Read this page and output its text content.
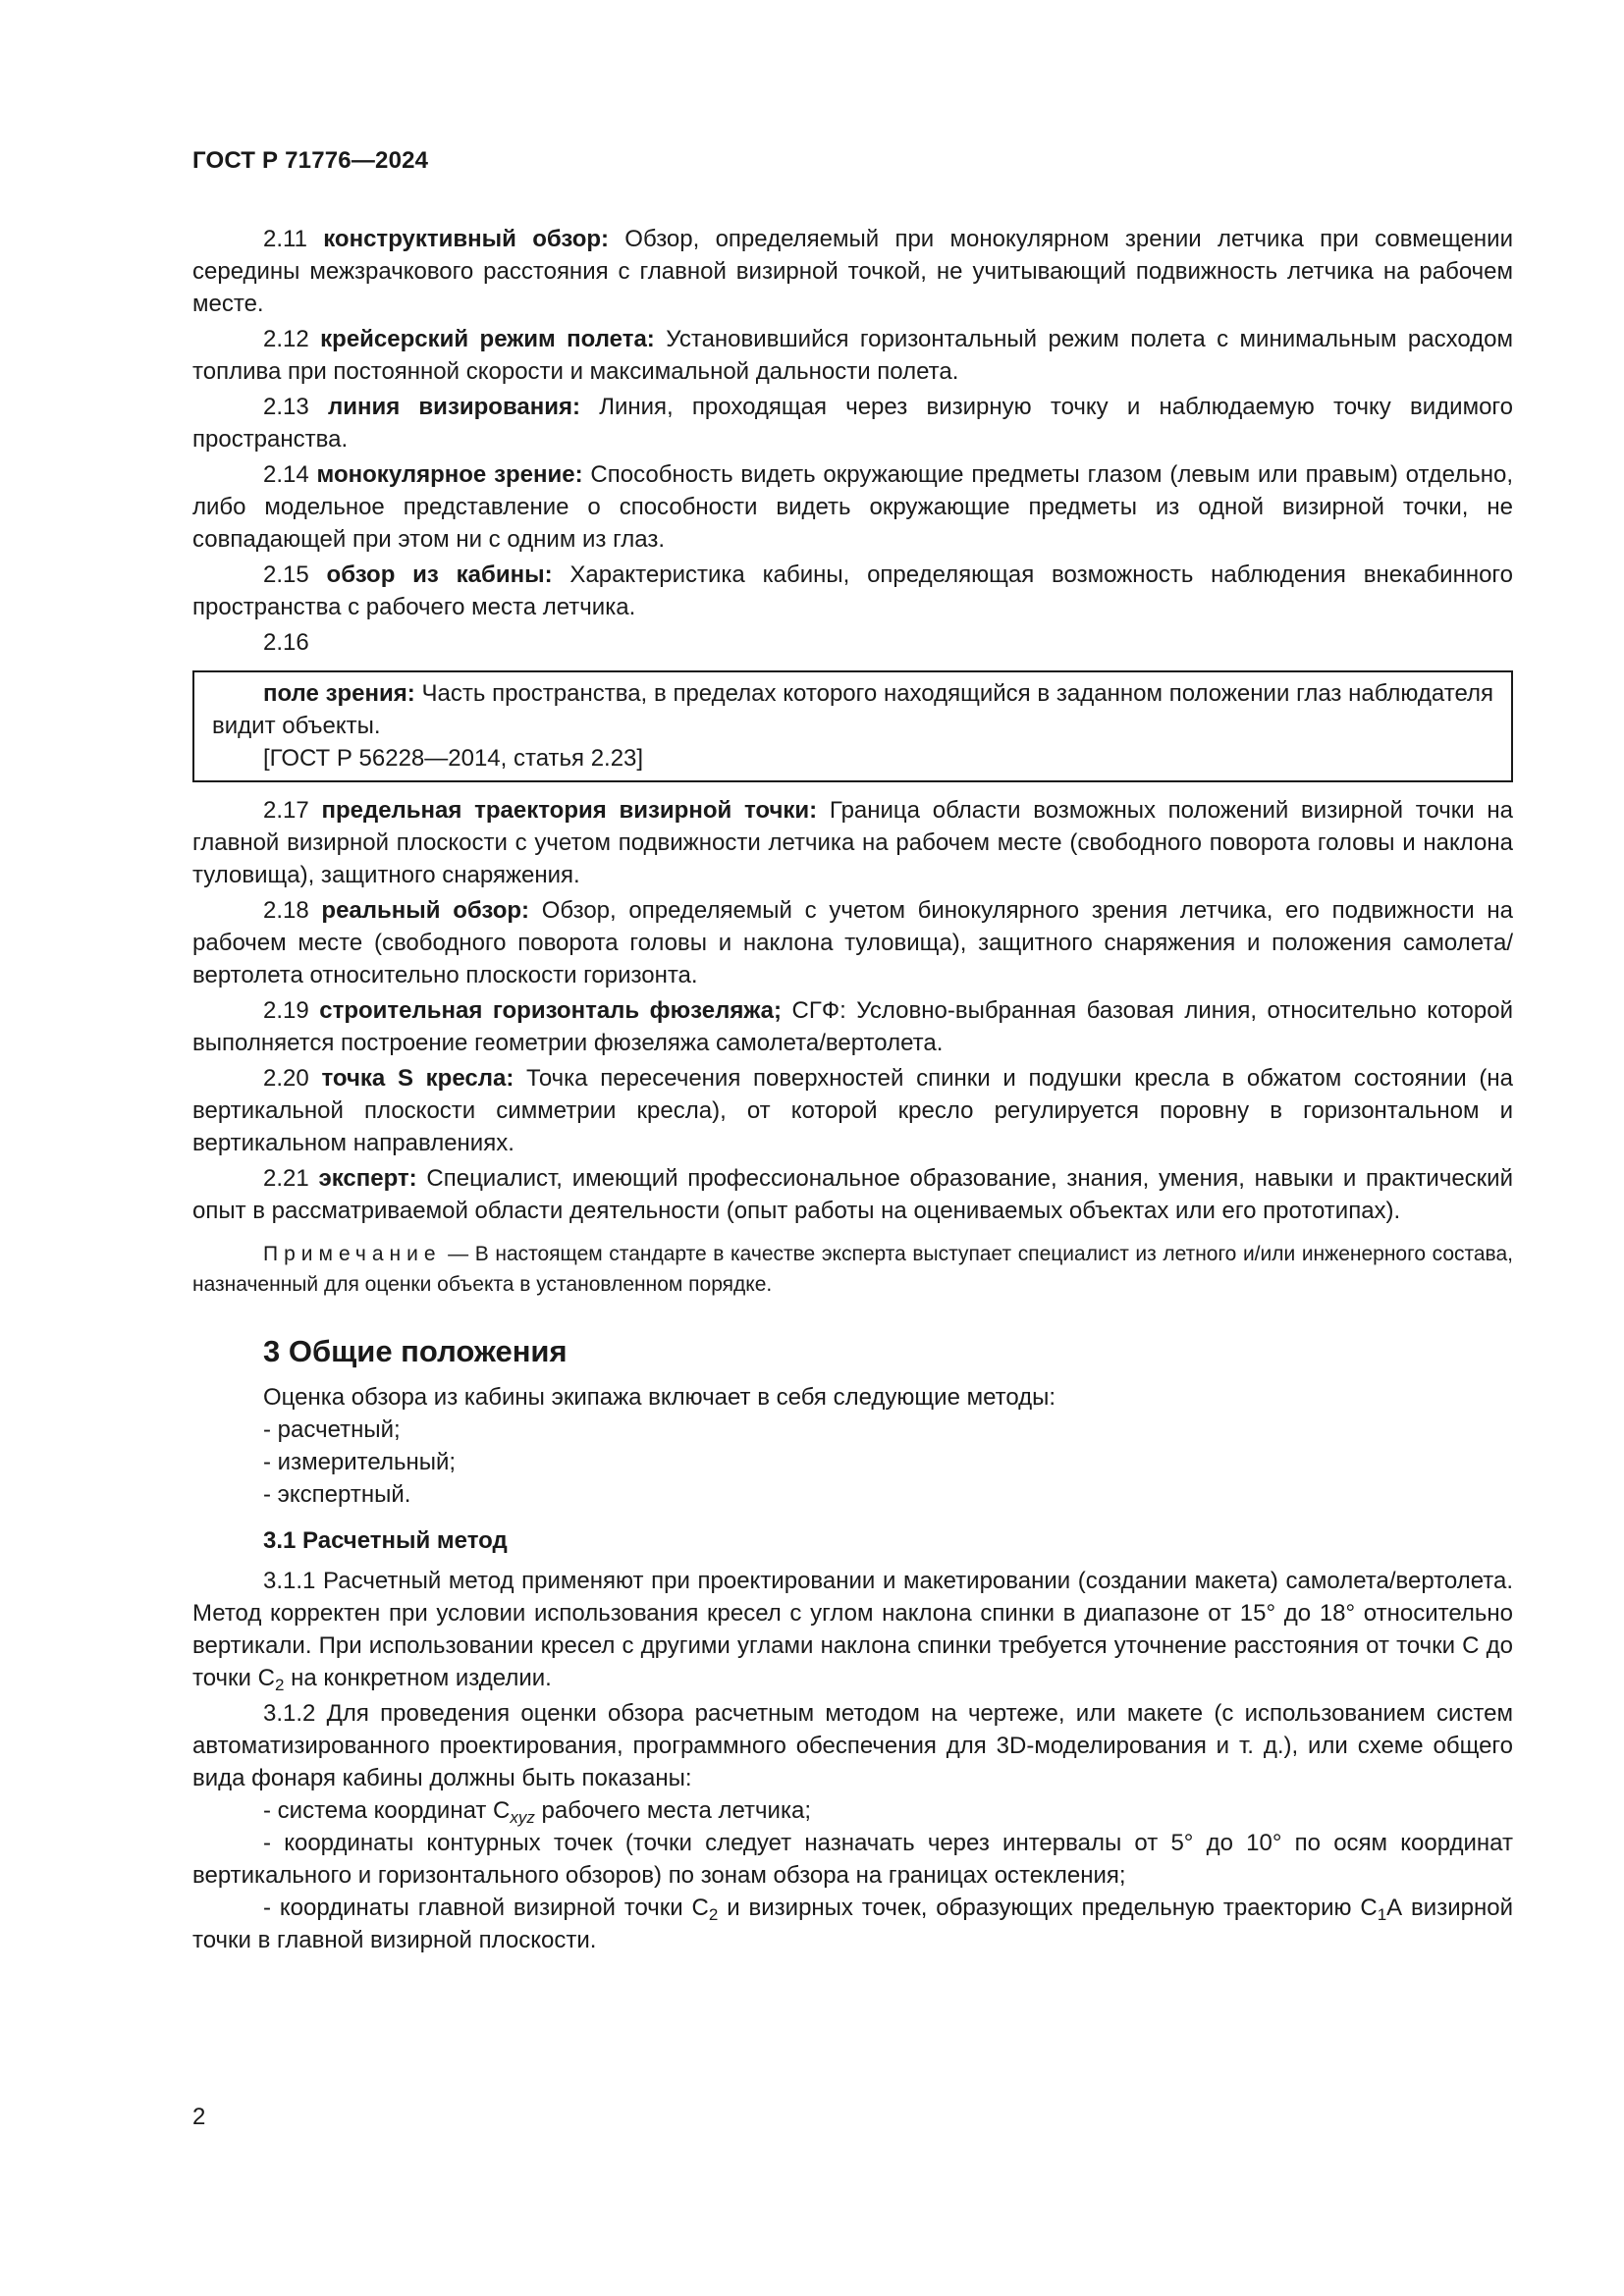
ГОСТ Р 71776—2024

2.11 конструктивный обзор: Обзор, определяемый при монокулярном зрении летчика при совмещении середины межзрачкового расстояния с главной визирной точкой, не учитывающий подвижность летчика на рабочем месте.

2.12 крейсерский режим полета: Установившийся горизонтальный режим полета с минимальным расходом топлива при постоянной скорости и максимальной дальности полета.

2.13 линия визирования: Линия, проходящая через визирную точку и наблюдаемую точку видимого пространства.

2.14 монокулярное зрение: Способность видеть окружающие предметы глазом (левым или правым) отдельно, либо модельное представление о способности видеть окружающие предметы из одной визирной точки, не совпадающей при этом ни с одним из глаз.

2.15 обзор из кабины: Характеристика кабины, определяющая возможность наблюдения внекабинного пространства с рабочего места летчика.

2.16

поле зрения: Часть пространства, в пределах которого находящийся в заданном положении глаз наблюдателя видит объекты.

[ГОСТ Р 56228—2014, статья 2.23]

2.17 предельная траектория визирной точки: Граница области возможных положений визирной точки на главной визирной плоскости с учетом подвижности летчика на рабочем месте (свободного поворота головы и наклона туловища), защитного снаряжения.

2.18 реальный обзор: Обзор, определяемый с учетом бинокулярного зрения летчика, его подвижности на рабочем месте (свободного поворота головы и наклона туловища), защитного снаряжения и положения самолета/вертолета относительно плоскости горизонта.

2.19 строительная горизонталь фюзеляжа; СГФ: Условно-выбранная базовая линия, относительно которой выполняется построение геометрии фюзеляжа самолета/вертолета.

2.20 точка S кресла: Точка пересечения поверхностей спинки и подушки кресла в обжатом состоянии (на вертикальной плоскости симметрии кресла), от которой кресло регулируется поровну в горизонтальном и вертикальном направлениях.

2.21 эксперт: Специалист, имеющий профессиональное образование, знания, умения, навыки и практический опыт в рассматриваемой области деятельности (опыт работы на оцениваемых объектах или его прототипах).

Примечание — В настоящем стандарте в качестве эксперта выступает специалист из летного и/или инженерного состава, назначенный для оценки объекта в установленном порядке.

3 Общие положения

Оценка обзора из кабины экипажа включает в себя следующие методы:

- расчетный;

- измерительный;

- экспертный.

3.1 Расчетный метод

3.1.1 Расчетный метод применяют при проектировании и макетировании (создании макета) самолета/вертолета. Метод корректен при условии использования кресел с углом наклона спинки в диапазоне от 15° до 18° относительно вертикали. При использовании кресел с другими углами наклона спинки требуется уточнение расстояния от точки С до точки $С_2$ на конкретном изделии.

3.1.2 Для проведения оценки обзора расчетным методом на чертеже, или макете (с использованием систем автоматизированного проектирования, программного обеспечения для 3D-моделирования и т. д.), или схеме общего вида фонаря кабины должны быть показаны:

- система координат $С_{xyz}$ рабочего места летчика;

- координаты контурных точек (точки следует назначать через интервалы от 5° до 10° по осям координат вертикального и горизонтального обзоров) по зонам обзора на границах остекления;

- координаты главной визирной точки $С_2$ и визирных точек, образующих предельную траекторию $С_1А$ визирной точки в главной визирной плоскости.

2
